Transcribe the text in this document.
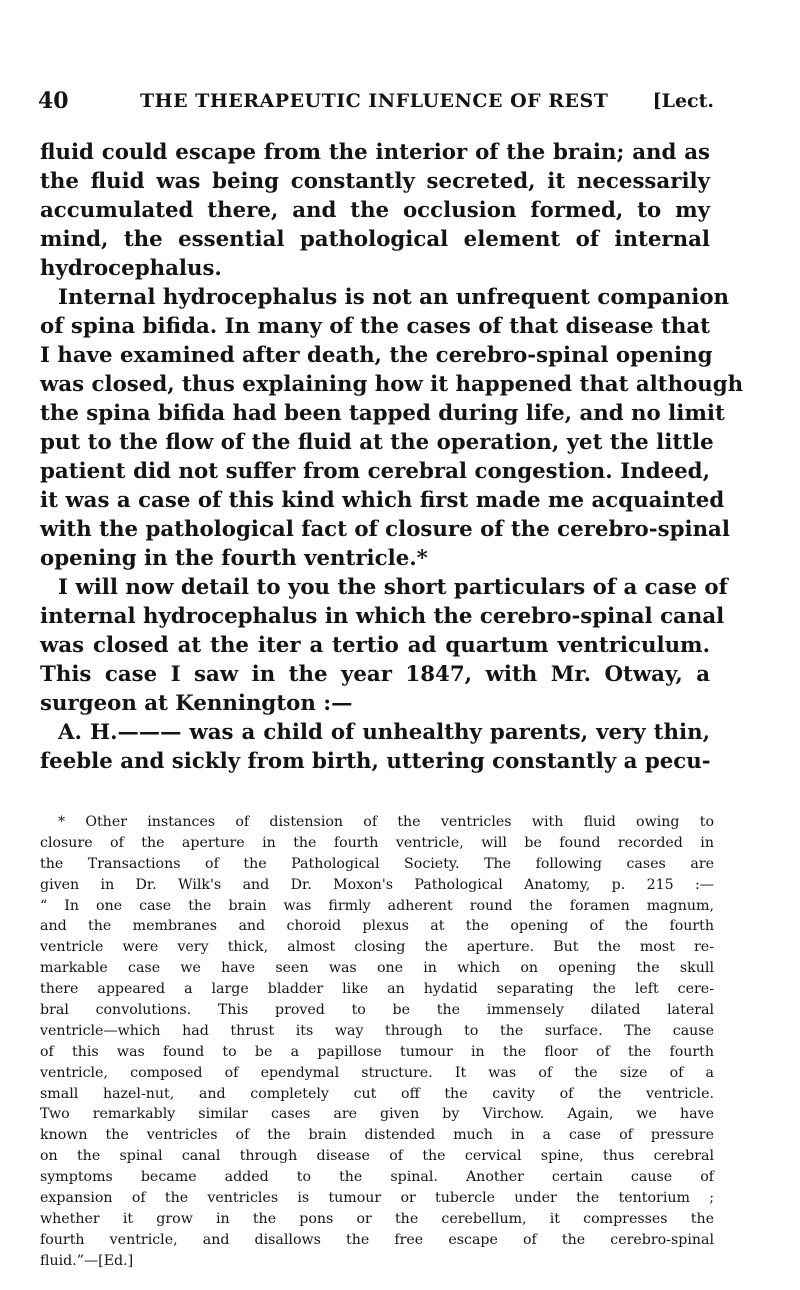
40	THE THERAPEUTIC INFLUENCE OF REST [Lect.
fluid could escape from the interior of the brain; and as
the fluid was being constantly secreted, it necessarily
accumulated there, and the occlusion formed, to my
mind, the essential pathological element of internal
hydrocephalus.
Internal hydrocephalus is not an unfrequent companion
of spina bifida. In many of the cases of that disease that
I have examined after death, the cerebro-spinal opening
was closed, thus explaining how it happened that although
the spina bifida had been tapped during life, and no limit
put to the flow of the fluid at the operation, yet the little
patient did not suffer from cerebral congestion. Indeed,
it was a case of this kind which first made me acquainted
with the pathological fact of closure of the cerebro-spinal
opening in the fourth ventricle.*
I will now detail to you the short particulars of a case of
internal hydrocephalus in which the cerebro-spinal canal
was closed at the iter a tertio ad quartum ventriculum.
This case I saw in the year 1847, with Mr. Otway, a
surgeon at Kennington :—
A. H.——— was a child of unhealthy parents, very thin,
feeble and sickly from birth, uttering constantly a pecu-
* Other instances of distension of the ventricles with fluid owing to
closure of the aperture in the fourth ventricle, will be found recorded in
the Transactions of the Pathological Society. The following cases are
given in Dr. Wilk's and Dr. Moxon's Pathological Anatomy, p. 215 :—
“ In one case the brain was firmly adherent round the foramen magnum,
and the membranes and choroid plexus at the opening of the fourth
ventricle were very thick, almost closing the aperture. But the most re-
markable case we have seen was one in which on opening the skull
there appeared a large bladder like an hydatid separating the left cere-
bral convolutions. This proved to be the immensely dilated lateral
ventricle—which had thrust its way through to the surface. The cause
of this was found to be a papillose tumour in the floor of the fourth
ventricle, composed of ependymal structure. It was of the size of a
small hazel-nut, and completely cut off the cavity of the ventricle.
Two remarkably similar cases are given by Virchow. Again, we have
known the ventricles of the brain distended much in a case of pressure
on the spinal canal through disease of the cervical spine, thus cerebral
symptoms became added to the spinal. Another certain cause of
expansion of the ventricles is tumour or tubercle under the tentorium ;
whether it grow in the pons or the cerebellum, it compresses the
fourth ventricle, and disallows the free escape of the cerebro-spinal
fluid.”—[Ed.]
